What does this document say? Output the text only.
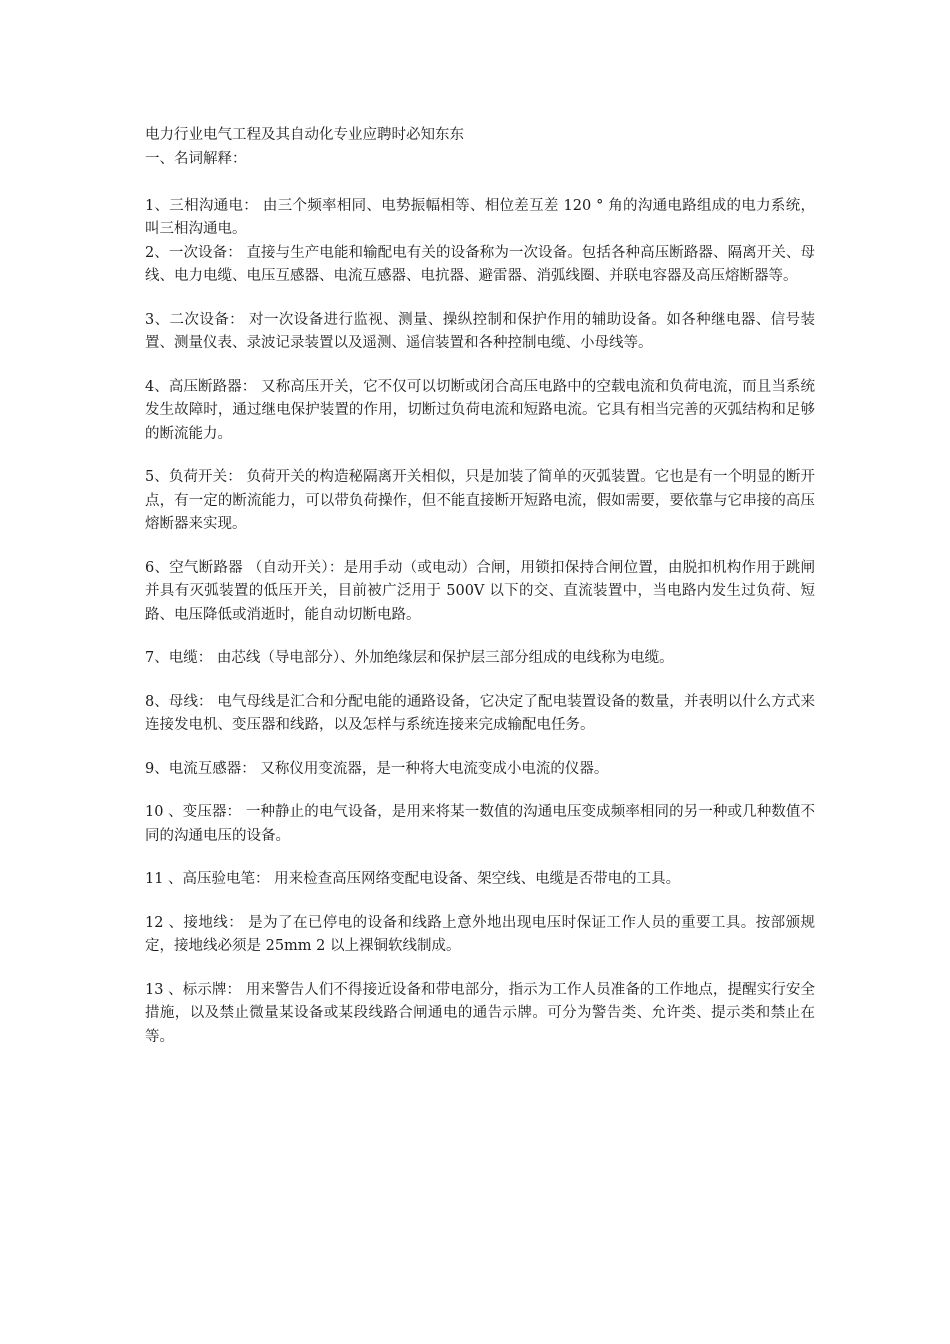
电力行业电气工程及其自动化专业应聘时必知东东
一、名词解释：

1、三相沟通电： 由三个频率相同、电势振幅相等、相位差互差 120 ° 角的沟通电路组成的电力系统，叫三相沟通电。

2、一次设备： 直接与生产电能和输配电有关的设备称为一次设备。包括各种高压断路器、隔离开关、母线、电力电缆、电压互感器、电流互感器、电抗器、避雷器、消弧线圈、并联电容器及高压熔断器等。

3、二次设备： 对一次设备进行监视、测量、操纵控制和保护作用的辅助设备。如各种继电器、信号装置、测量仪表、录波记录装置以及遥测、遥信装置和各种控制电缆、小母线等。

4、高压断路器： 又称高压开关，它不仅可以切断或闭合高压电路中的空载电流和负荷电流，而且当系统发生故障时，通过继电保护装置的作用，切断过负荷电流和短路电流。它具有相当完善的灭弧结构和足够的断流能力。

5、负荷开关： 负荷开关的构造秘隔离开关相似，只是加装了简单的灭弧装置。它也是有一个明显的断开点，有一定的断流能力，可以带负荷操作，但不能直接断开短路电流，假如需要，要依靠与它串接的高压熔断器来实现。

6、空气断路器 （自动开关）：是用手动（或电动）合闸，用锁扣保持合闸位置，由脱扣机构作用于跳闸并具有灭弧装置的低压开关，目前被广泛用于 500V 以下的交、直流装置中，当电路内发生过负荷、短路、电压降低或消逝时，能自动切断电路。

7、电缆： 由芯线（导电部分）、外加绝缘层和保护层三部分组成的电线称为电缆。

8、母线： 电气母线是汇合和分配电能的通路设备，它决定了配电装置设备的数量，并表明以什么方式来连接发电机、变压器和线路，以及怎样与系统连接来完成输配电任务。

9、电流互感器： 又称仪用变流器，是一种将大电流变成小电流的仪器。

10 、变压器： 一种静止的电气设备，是用来将某一数值的沟通电压变成频率相同的另一种或几种数值不同的沟通电压的设备。

11 、高压验电笔： 用来检查高压网络变配电设备、架空线、电缆是否带电的工具。

12 、接地线： 是为了在已停电的设备和线路上意外地出现电压时保证工作人员的重要工具。按部颁规定，接地线必须是 25mm 2 以上裸铜软线制成。

13 、标示牌： 用来警告人们不得接近设备和带电部分，指示为工作人员准备的工作地点，提醒实行安全措施，以及禁止微量某设备或某段线路合闸通电的通告示牌。可分为警告类、允许类、提示类和禁止在等。
